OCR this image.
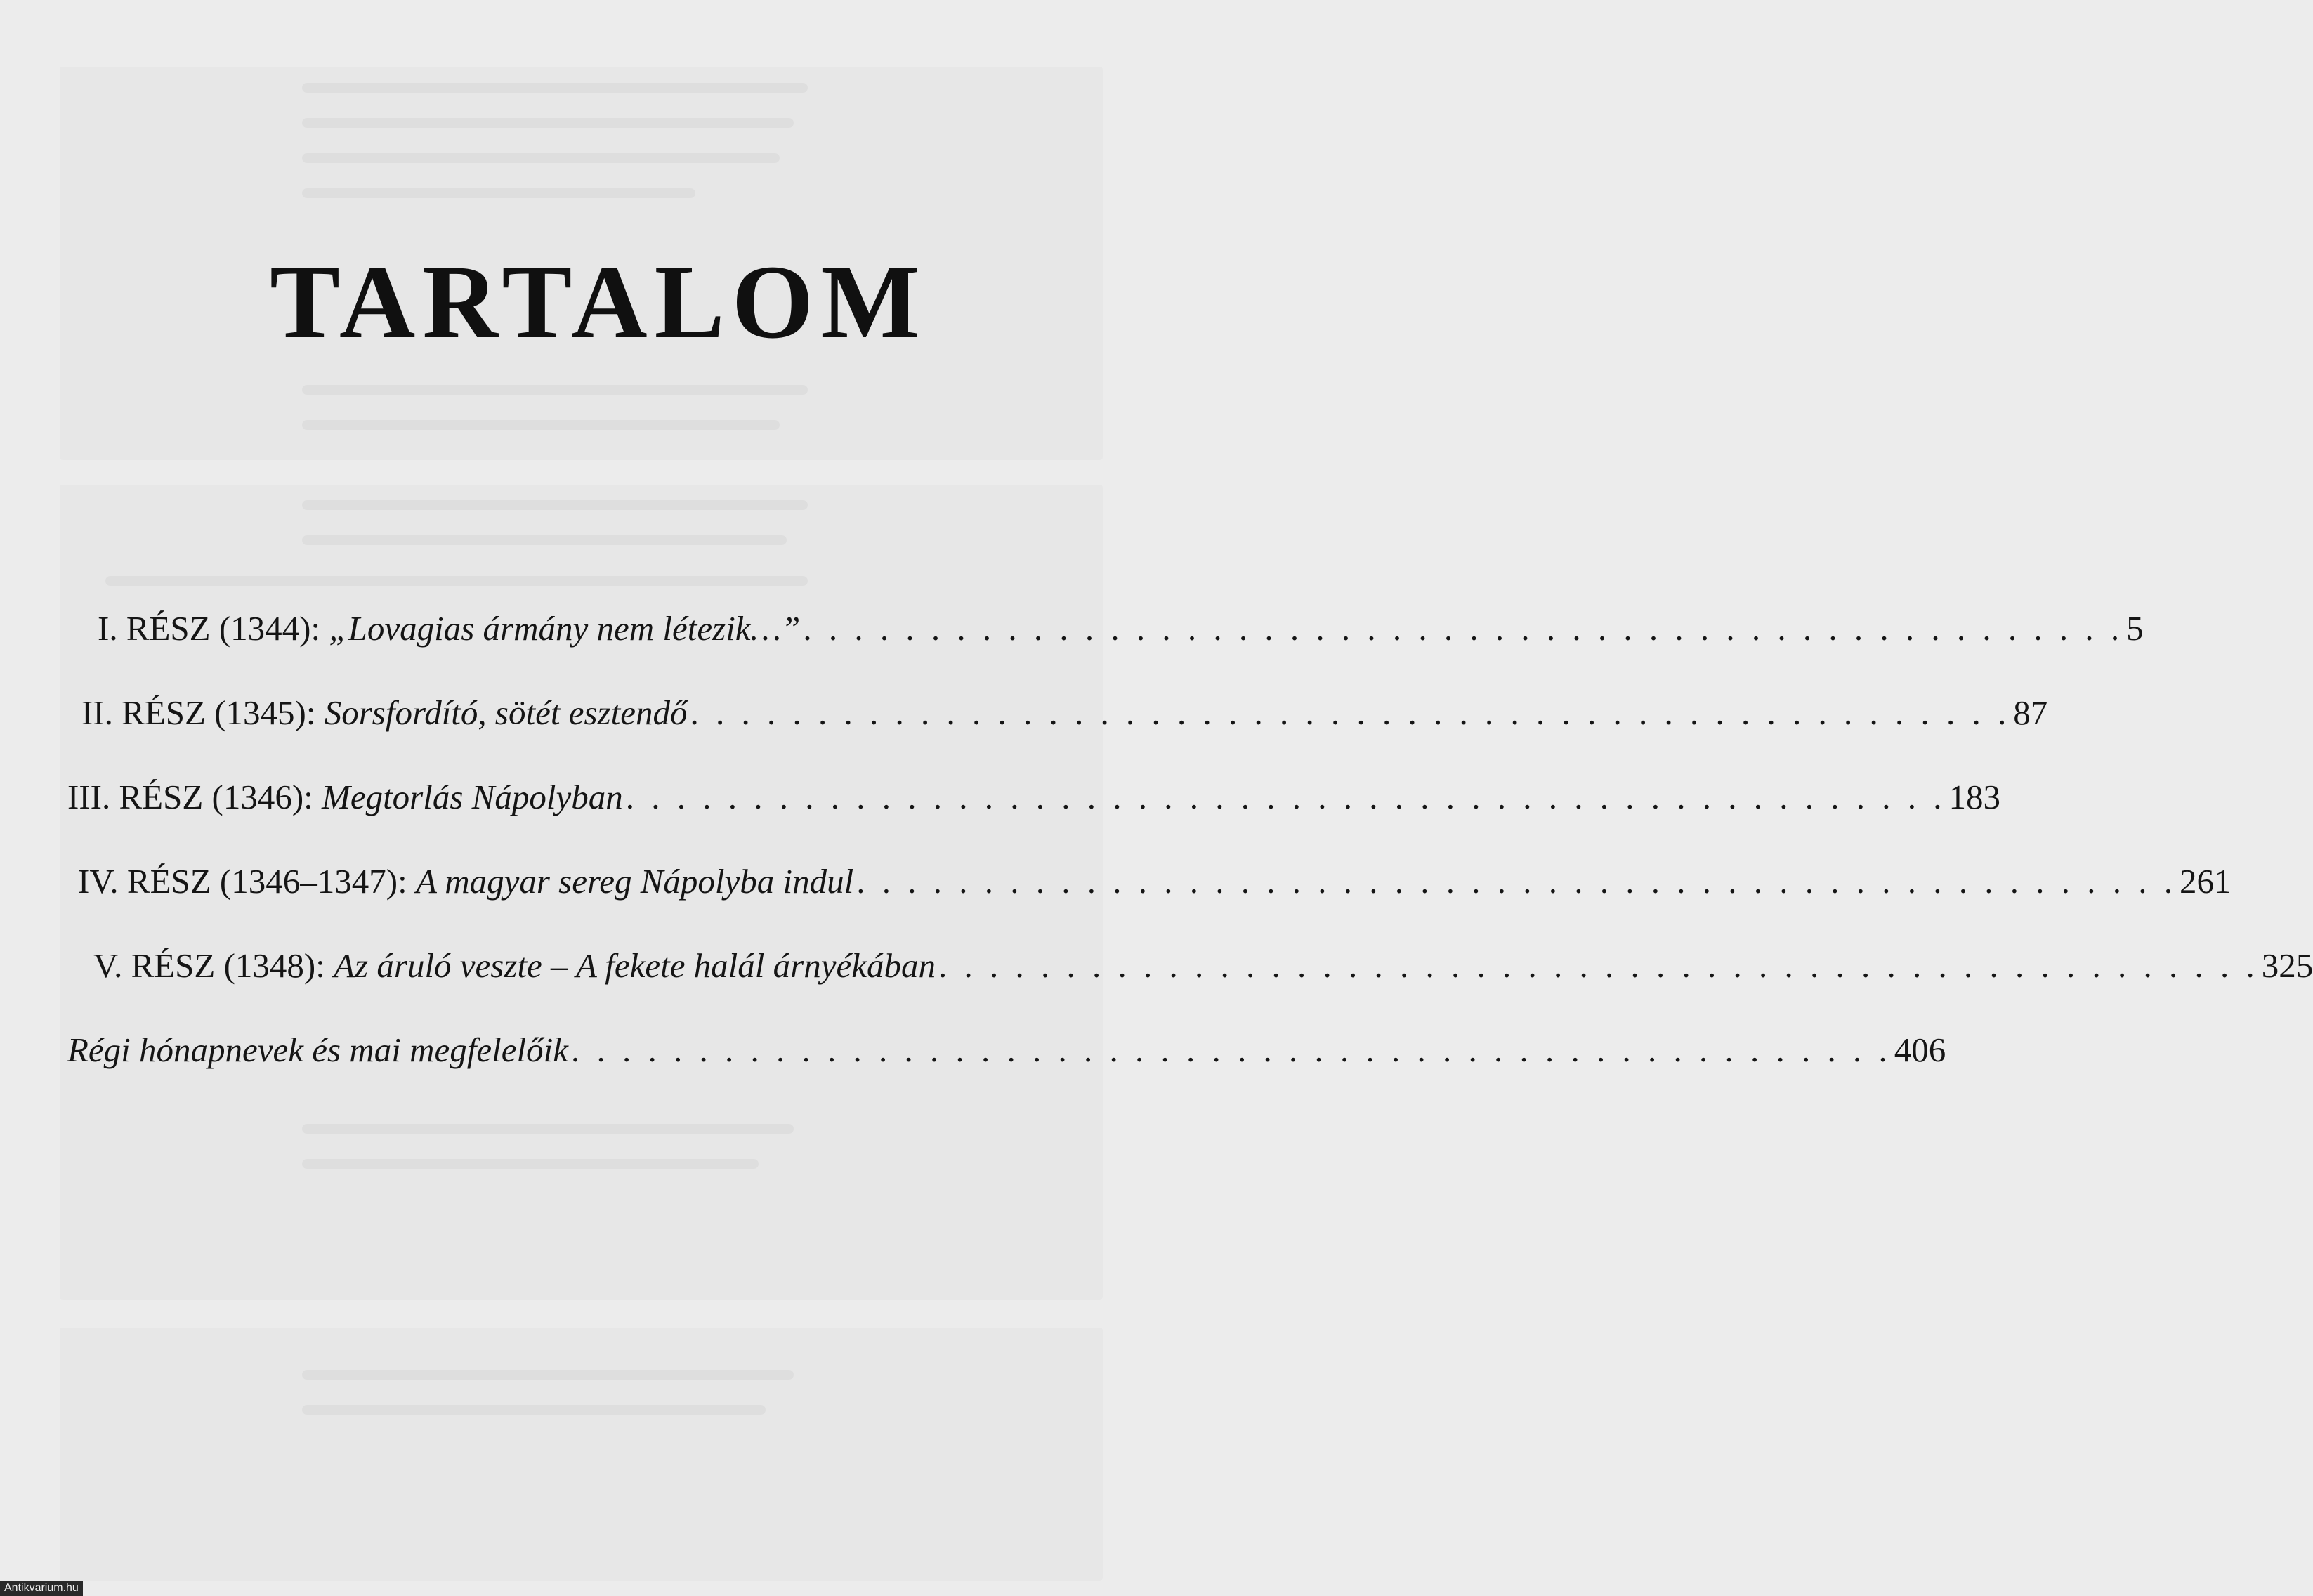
TARTALOM
I. RÉSZ (1344): „Lovagias ármány nem létezik…” . . . . . . . . . . . . . . . . . . . . . . . . . . . . . . . . . . . . . . . . . . . . . . . . . . . . 5
II. RÉSZ (1345): Sorsfordító, sötét esztendő . . . . . . . . . . . . . . . . . . . . . . . . . . . . . . . . . . . . . . . . . . . . . . . . . . . . 87
III. RÉSZ (1346): Megtorlás Nápolyban . . . . . . . . . . . . . . . . . . . . . . . . . . . . . . . . . . . . . . . . . . . . . . . . . . . . 183
IV. RÉSZ (1346–1347): A magyar sereg Nápolyba indul . . . . . . . . . . . . . . . . . . . . . . . . . . . . . . . . . . . . . . . . . . . . . . . . . . . . 261
V. RÉSZ (1348): Az áruló veszte – A fekete halál árnyékában . . . . . . . . . . . . . . . . . . . . . . . . . . . . . . . . . . . . . . . . . . . . . . . . . . . . 325
Régi hónapnevek és mai megfelelőik . . . . . . . . . . . . . . . . . . . . . . . . . . . . . . . . . . . . . . . . . . . . . . . . . . . . 406
Antikvarium.hu
